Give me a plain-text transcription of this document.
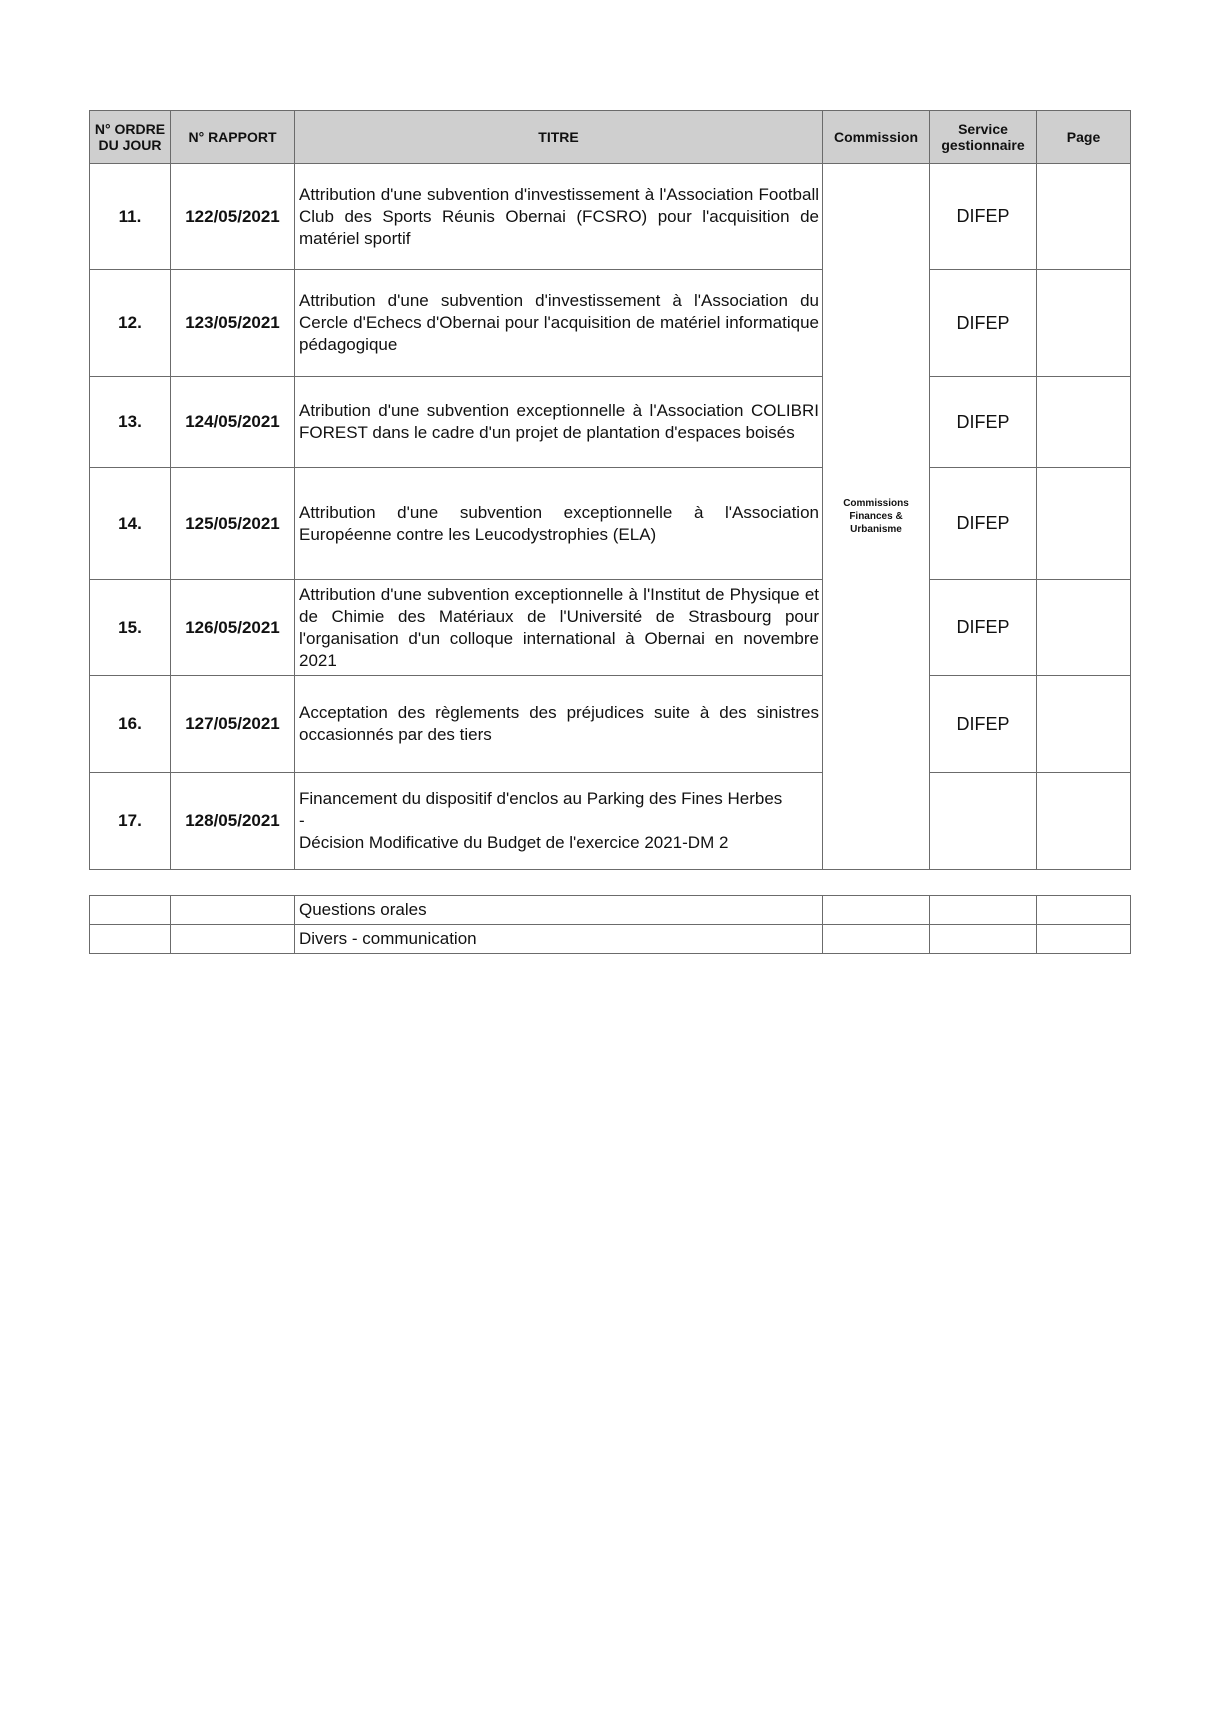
N° ORDRE DU JOUR	N° RAPPORT	TITRE	Commission	Service gestionnaire	Page
11.	122/05/2021	Attribution d'une subvention d'investissement à l'Association Football Club des Sports Réunis Obernai (FCSRO) pour l'acquisition de matériel sportif	Commissions Finances & Urbanisme	DIFEP	
12.	123/05/2021	Attribution d'une subvention d'investissement à l'Association du Cercle d'Echecs d'Obernai pour l'acquisition de matériel informatique pédagogique		DIFEP	
13.	124/05/2021	Atribution d'une subvention exceptionnelle à l'Association COLIBRI FOREST dans le cadre d'un projet de plantation d'espaces boisés		DIFEP	
14.	125/05/2021	Attribution d'une subvention exceptionnelle à l'Association Européenne contre les Leucodystrophies (ELA)		DIFEP	
15.	126/05/2021	Attribution d'une subvention exceptionnelle à l'Institut de Physique et de Chimie des Matériaux de l'Université de Strasbourg pour l'organisation d'un colloque international à Obernai en novembre 2021		DIFEP	
16.	127/05/2021	Acceptation des règlements des préjudices suite à des sinistres occasionnés par des tiers		DIFEP	
17.	128/05/2021	Financement du dispositif d'enclos au Parking des Fines Herbes
-
Décision Modificative du Budget de l'exercice 2021-DM 2			

		Questions orales			
		Divers - communication			
